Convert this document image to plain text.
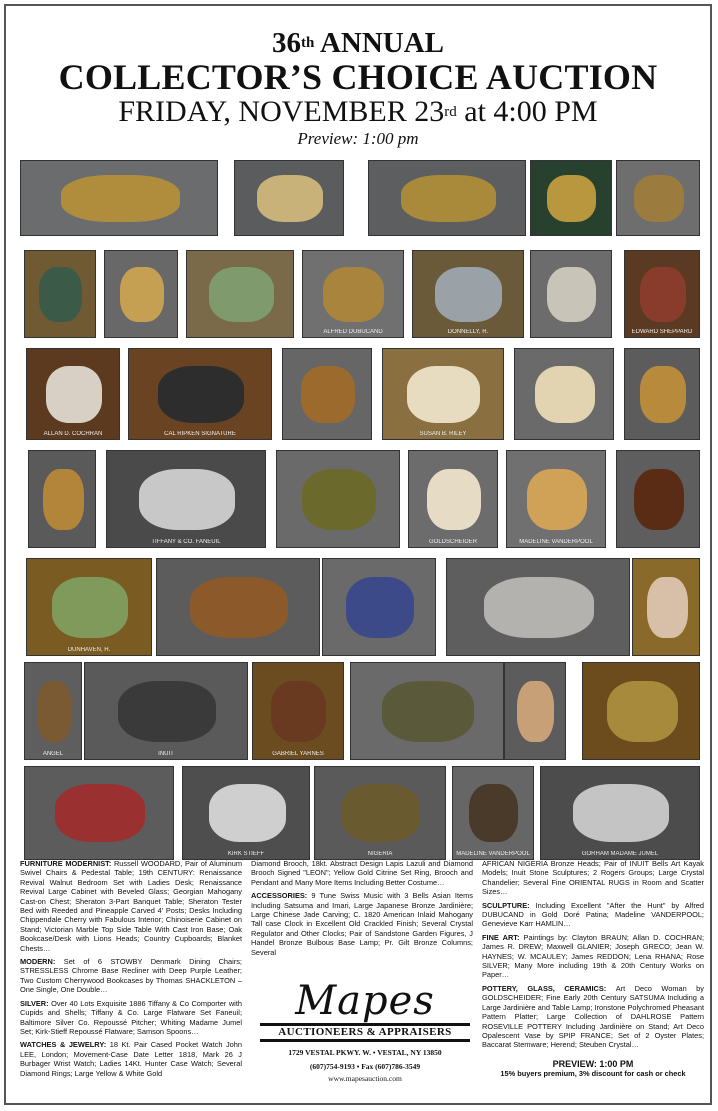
36th ANNUAL
COLLECTOR’S CHOICE AUCTION
FRIDAY, NOVEMBER 23rd at 4:00 PM
Preview: 1:00 pm
ALFRED DUBUCAND	DONNELLY, R.	EDWARD SHEPPARD
ALLAN D. COCHRAN	CAL RIPKEN SIGNATURE	SUSAN B. RILEY
TIFFANY & CO. FANEUIL	GOLDSCHEIDER	MADELINE VANDERPOOL
DUNHAVEN, H.
ANGEL	INUIT	GABRIEL YARNES
KIRK STIEFF	NIGERIA	MADELINE VANDERPOOL	GORHAM MADAME JUMEL

FURNITURE MODERNIST: Russell WOODARD, Pair of Aluminum Swivel Chairs & Pedestal Table; 19th CENTURY: Renaissance Revival Walnut Bedroom Set with Ladies Desk; Renaissance Revival Large Cabinet with Beveled Glass; Georgian Mahogany Cast-on Chest; Sheraton 3-Part Banquet Table; Sheraton Tester Bed with Reeded and Pineapple Carved 4' Posts; Desks Including Chippendale Cherry with Fabulous Interior; Chinoiserie Cabinet on Stand; Victorian Marble Top Side Table With Cast Iron Base; Oak Bookcase/Desk with Lions Heads; Country Cupboards; Blanket Chests…

MODERN: Set of 6 STOWBY Denmark Dining Chairs; STRESSLESS Chrome Base Recliner with Deep Purple Leather; Two Custom Cherrywood Bookcases by Thomas SHACKLETON – One Single, One Double…

SILVER: Over 40 Lots Exquisite 1886 Tiffany & Co Comporter with Cupids and Shells; Tiffany & Co. Large Flatware Set Faneuil; Baltimore Silver Co. Repoussé Pitcher; Whiting Madame Jumel Set; Kirk-Stieff Repoussé Flatware; Samson Spoons…

WATCHES & JEWELRY: 18 Kt. Pair Cased Pocket Watch John LEE, London; Movement-Case Date Letter 1818, Mark 26 J Burbager Wrist Watch; Ladies 14Kt. Hunter Case Watch; Several Diamond Rings; Large Yellow & White Gold

Diamond Brooch, 18kt. Abstract Design Lapis Lazuli and Diamond Brooch Signed "LEON"; Yellow Gold Citrine Set Ring, Brooch and Pendant and Many More Items Including Better Costume…

ACCESSORIES: 9 Tune Swiss Music with 3 Bells Asian Items Including Satsuma and Imari, Large Japanese Bronze Jardinière; Large Chinese Jade Carving; C. 1820 American Inlaid Mahogany Tall case Clock in Excellent Old Crackled Finish; Several Crystal Regulator and Other Clocks; Pair of Sandstone Garden Figures, J Handel Bronze Bulbous Base Lamp; Pr. Gilt Bronze Columns; Several

AFRICAN NIGERIA Bronze Heads; Pair of INUIT Bells Art Kayak Models; Inuit Stone Sculptures; 2 Rogers Groups; Large Crystal Chandelier; Several Fine ORIENTAL RUGS in Room and Scatter Sizes…

SCULPTURE: Including Excellent "After the Hunt" by Alfred DUBUCAND in Gold Doré Patina; Madeline VANDERPOOL; Genevieve Karr HAMLIN…

FINE ART: Paintings by: Clayton BRAUN; Allan D. COCHRAN; James R. DREW; Maxwell GLANIER; Joseph GRECO; Jean W. HAYNES; W. MCAULEY; James REDDON; Lena RHANA; Rose SILVER; Many More including 19th & 20th Century Works on Paper…

POTTERY, GLASS, CERAMICS: Art Deco Woman by GOLDSCHEIDER; Fine Early 20th Century SATSUMA Including a Large Jardinière and Table Lamp; Ironstone Polychromed Pheasant Pattern Platter; Large Collection of DAHLROSE Pattern ROSEVILLE POTTERY Including Jardinière on Stand; Art Deco Opalescent Vase by SPIP FRANCE; Set of 2 Oyster Plates; Baccarat Stemware; Herend; Steuben Crystal…

Mapes
AUCTIONEERS & APPRAISERS
1729 VESTAL PKWY. W. • VESTAL, NY 13850
(607)754-9193 • Fax (607)786-3549
www.mapesauction.com
PREVIEW: 1:00 PM
15% buyers premium, 3% discount for cash or check
